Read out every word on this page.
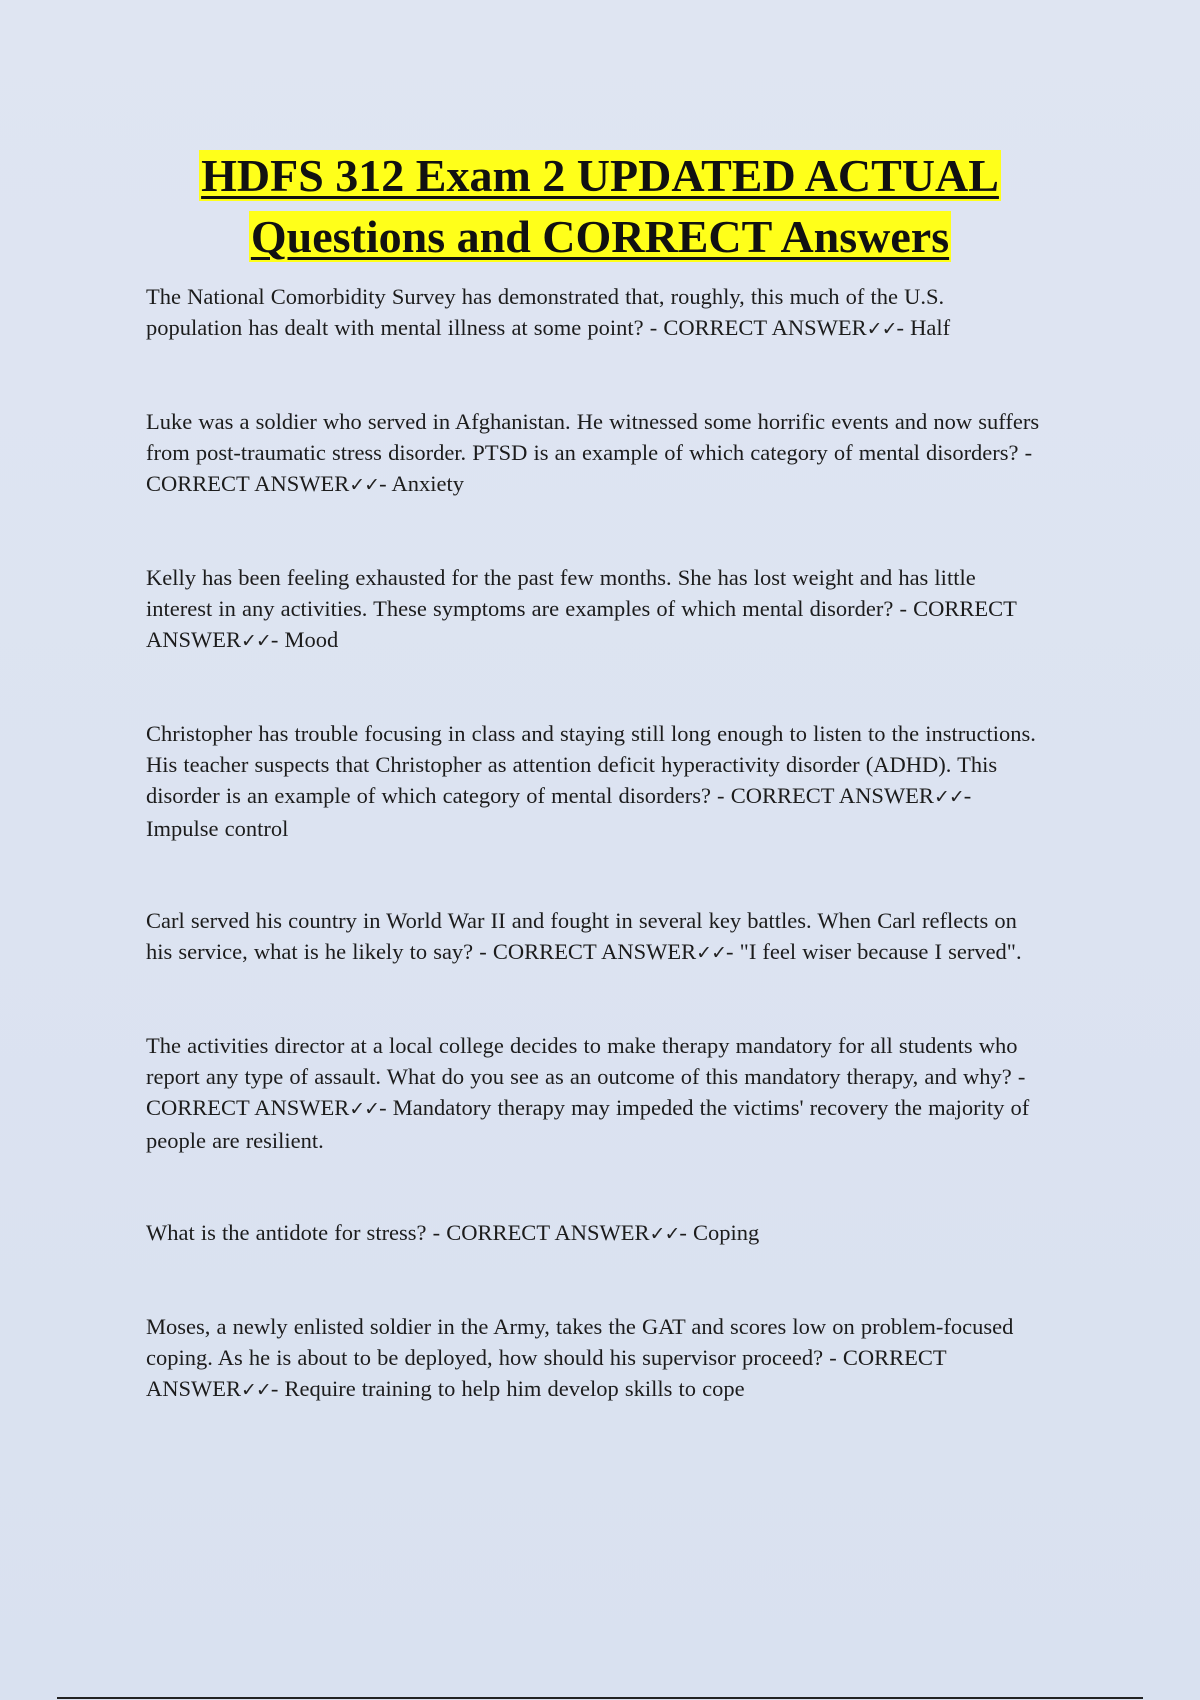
HDFS 312 Exam 2 UPDATED ACTUAL
Questions and CORRECT Answers

The National Comorbidity Survey has demonstrated that, roughly, this much of the U.S. population has dealt with mental illness at some point? - CORRECT ANSWER✓✓- Half

Luke was a soldier who served in Afghanistan. He witnessed some horrific events and now suffers from post-traumatic stress disorder. PTSD is an example of which category of mental disorders? - CORRECT ANSWER✓✓- Anxiety

Kelly has been feeling exhausted for the past few months. She has lost weight and has little interest in any activities. These symptoms are examples of which mental disorder? - CORRECT ANSWER✓✓- Mood

Christopher has trouble focusing in class and staying still long enough to listen to the instructions. His teacher suspects that Christopher as attention deficit hyperactivity disorder (ADHD). This disorder is an example of which category of mental disorders? - CORRECT ANSWER✓✓- Impulse control

Carl served his country in World War II and fought in several key battles. When Carl reflects on his service, what is he likely to say? - CORRECT ANSWER✓✓- "I feel wiser because I served".

The activities director at a local college decides to make therapy mandatory for all students who report any type of assault. What do you see as an outcome of this mandatory therapy, and why? - CORRECT ANSWER✓✓- Mandatory therapy may impeded the victims' recovery the majority of people are resilient.

What is the antidote for stress? - CORRECT ANSWER✓✓- Coping

Moses, a newly enlisted soldier in the Army, takes the GAT and scores low on problem-focused coping. As he is about to be deployed, how should his supervisor proceed? - CORRECT ANSWER✓✓- Require training to help him develop skills to cope
